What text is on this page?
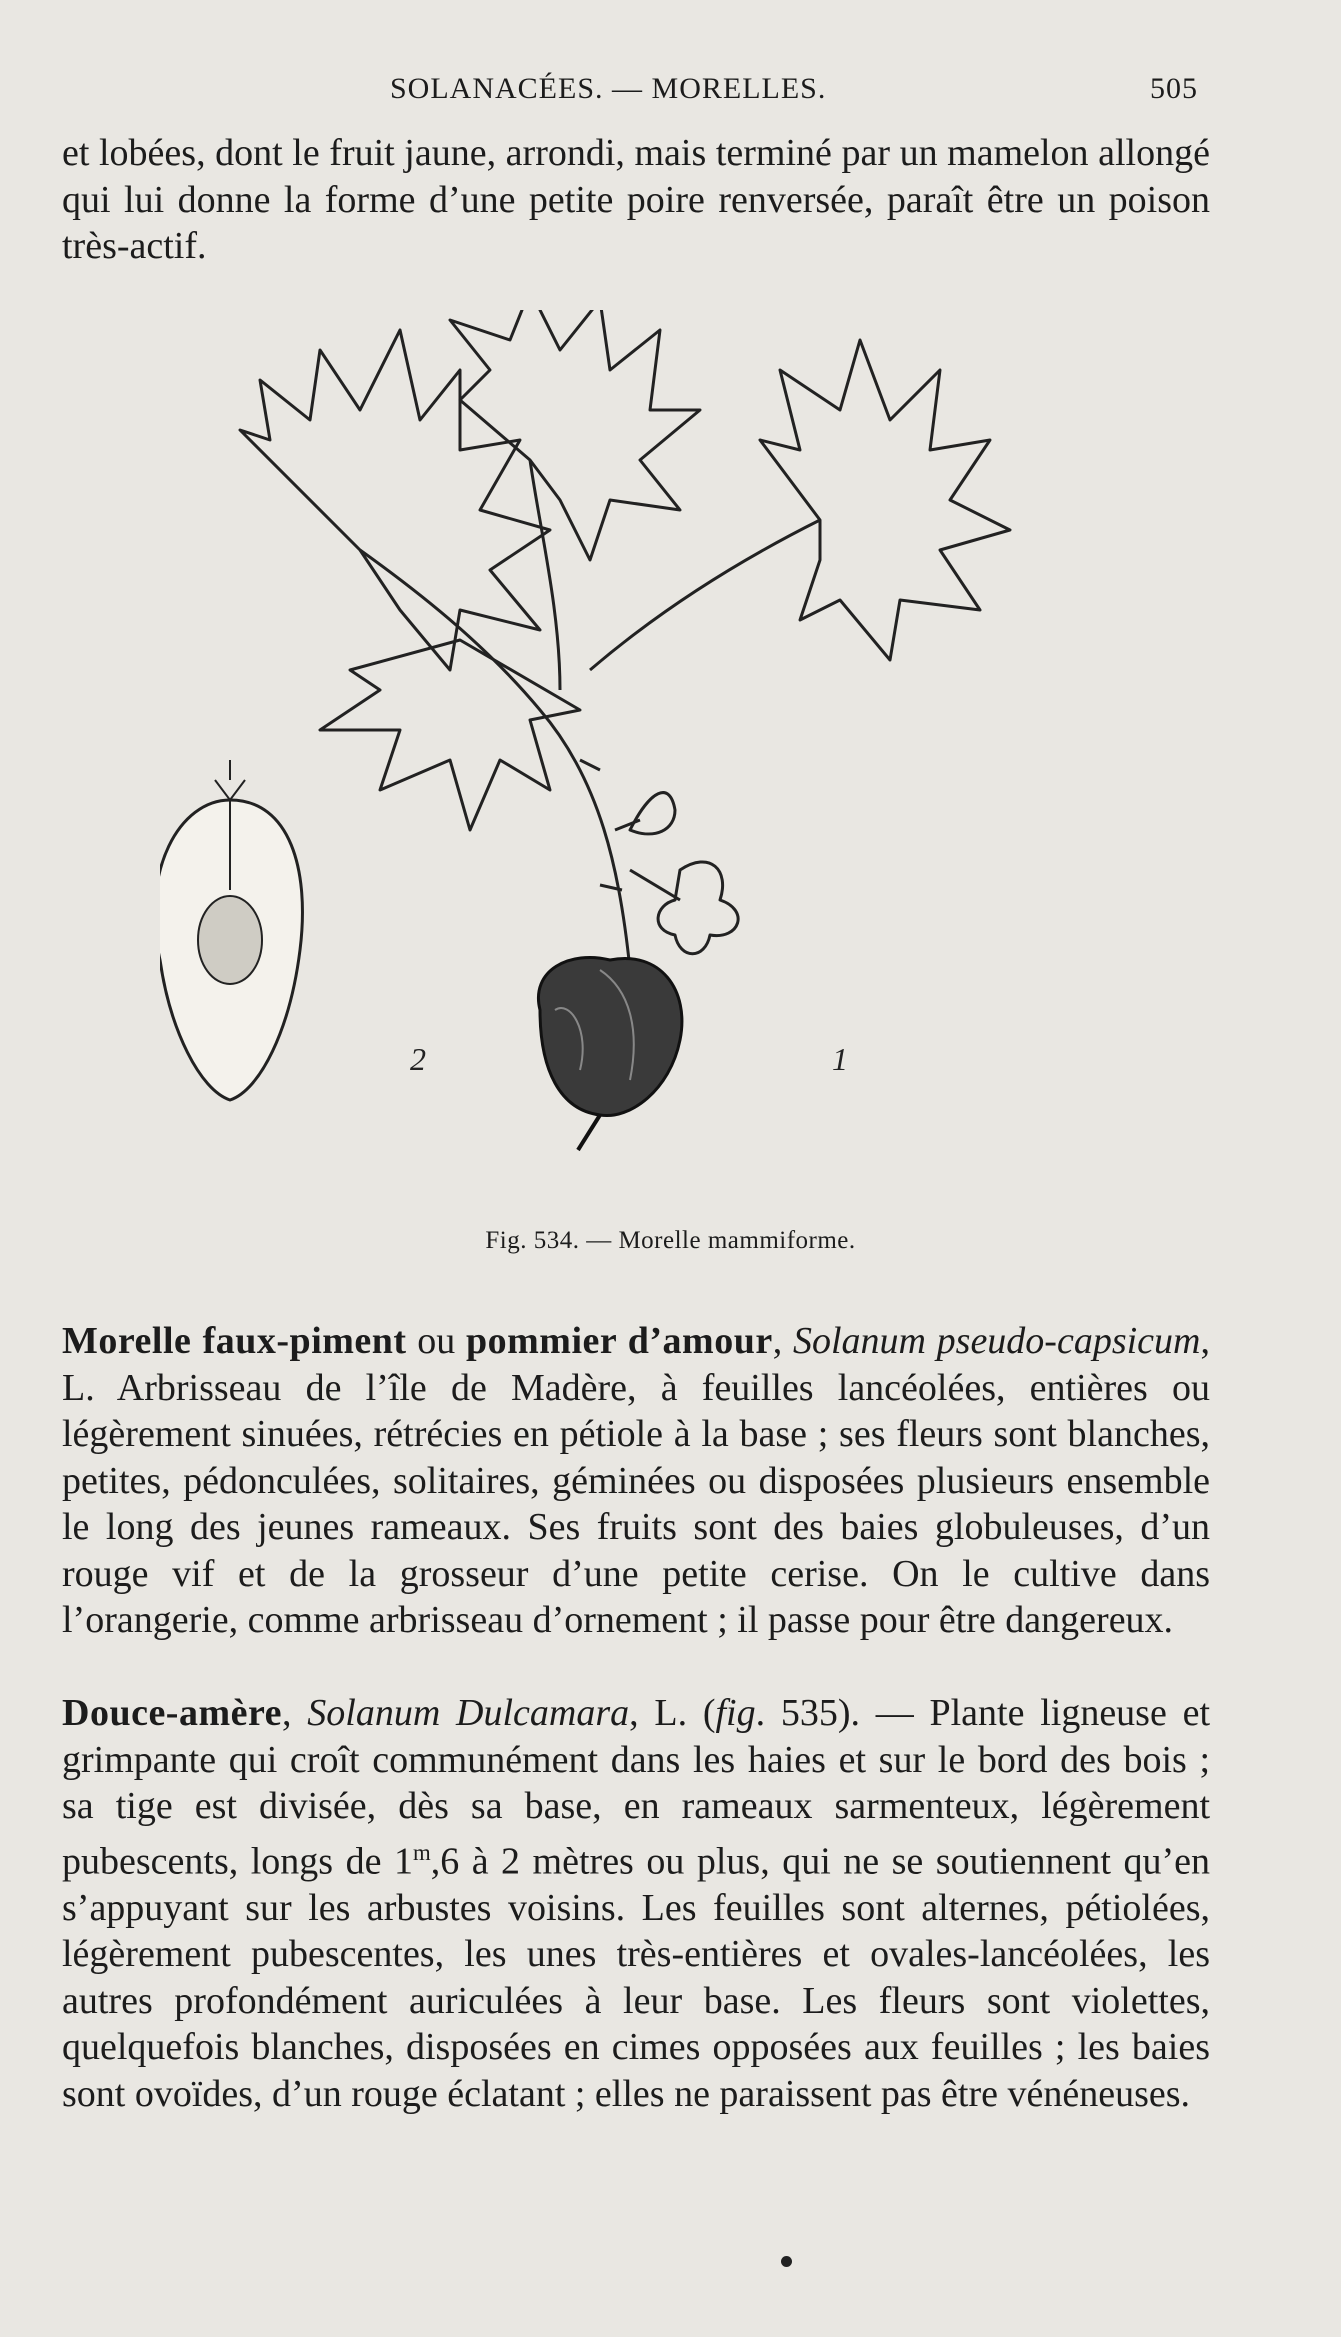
SOLANACÉES. — MORELLES.	505

et lobées, dont le fruit jaune, arrondi, mais terminé par un mamelon allongé qui lui donne la forme d’une petite poire renversée, paraît être un poison très-actif.

2	1
Fig. 534. — Morelle mammiforme.

Morelle faux-piment ou pommier d’amour, Solanum pseudo-capsicum, L. Arbrisseau de l’île de Madère, à feuilles lancéolées, entières ou légèrement sinuées, rétrécies en pétiole à la base ; ses fleurs sont blanches, petites, pédonculées, solitaires, géminées ou disposées plusieurs ensemble le long des jeunes rameaux. Ses fruits sont des baies globuleuses, d’un rouge vif et de la grosseur d’une petite cerise. On le cultive dans l’orangerie, comme arbrisseau d’ornement ; il passe pour être dangereux.

Douce-amère, Solanum Dulcamara, L. (fig. 535). — Plante ligneuse et grimpante qui croît communément dans les haies et sur le bord des bois ; sa tige est divisée, dès sa base, en rameaux sarmenteux, légèrement pubescents, longs de 1$^m$,6 à 2 mètres ou plus, qui ne se soutiennent qu’en s’appuyant sur les arbustes voisins. Les feuilles sont alternes, pétiolées, légèrement pubescentes, les unes très-entières et ovales-lancéolées, les autres profondément auriculées à leur base. Les fleurs sont violettes, quelquefois blanches, disposées en cimes opposées aux feuilles ; les baies sont ovoïdes, d’un rouge éclatant ; elles ne paraissent pas être vénéneuses.
